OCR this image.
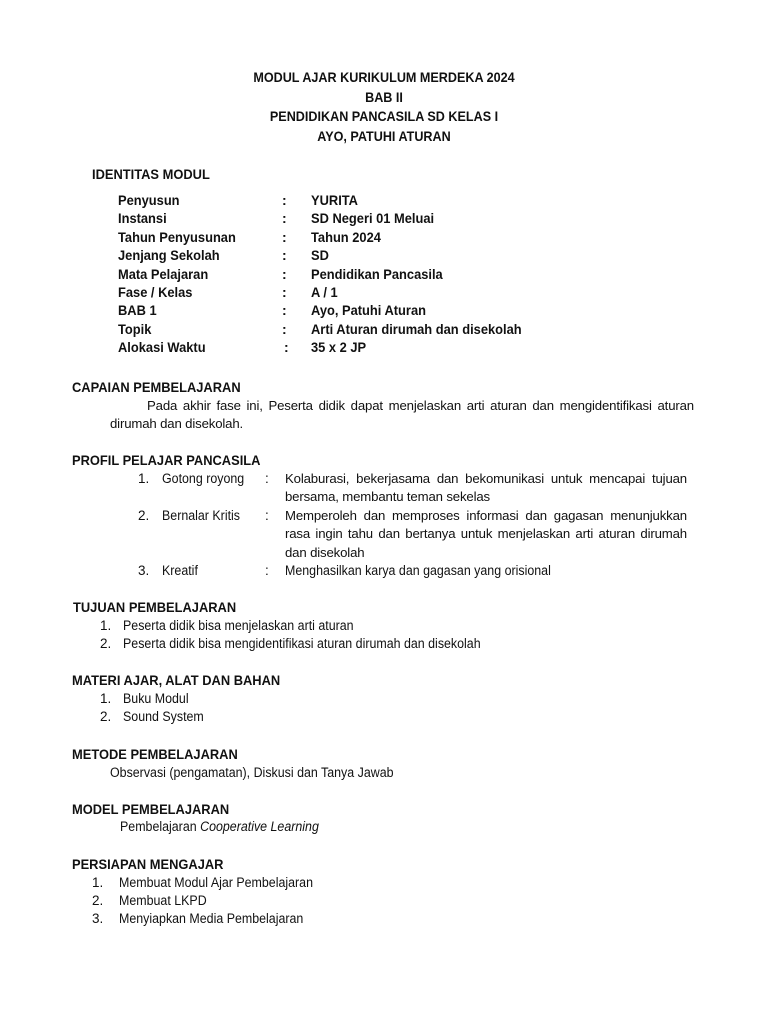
MODUL AJAR KURIKULUM MERDEKA 2024
BAB II
PENDIDIKAN PANCASILA SD KELAS I
AYO, PATUHI ATURAN
IDENTITAS MODUL
Penyusun	: YURITA
Instansi	: SD Negeri 01 Meluai
Tahun Penyusunan	: Tahun 2024
Jenjang Sekolah	: SD
Mata Pelajaran	: Pendidikan Pancasila
Fase / Kelas	: A / 1
BAB 1	: Ayo, Patuhi Aturan
Topik	: Arti Aturan dirumah dan disekolah
Alokasi Waktu	: 35 x 2 JP
CAPAIAN PEMBELAJARAN
Pada akhir fase ini, Peserta didik dapat menjelaskan arti aturan dan mengidentifikasi aturan dirumah dan disekolah.
PROFIL PELAJAR PANCASILA
1. Gotong royong : Kolaburasi, bekerjasama dan bekomunikasi untuk mencapai tujuan bersama, membantu teman sekelas
2. Bernalar Kritis : Memperoleh dan memproses informasi dan gagasan menunjukkan rasa ingin tahu dan bertanya untuk menjelaskan arti aturan dirumah dan disekolah
3. Kreatif	: Menghasilkan karya dan gagasan yang orisional
TUJUAN PEMBELAJARAN
1. Peserta didik bisa menjelaskan arti aturan
2. Peserta didik bisa mengidentifikasi aturan dirumah dan disekolah
MATERI AJAR, ALAT DAN BAHAN
1. Buku Modul
2. Sound System
METODE PEMBELAJARAN
Observasi (pengamatan), Diskusi dan Tanya Jawab
MODEL PEMBELAJARAN
Pembelajaran Cooperative Learning
PERSIAPAN MENGAJAR
1. Membuat Modul Ajar Pembelajaran
2. Membuat LKPD
3. Menyiapkan Media Pembelajaran
